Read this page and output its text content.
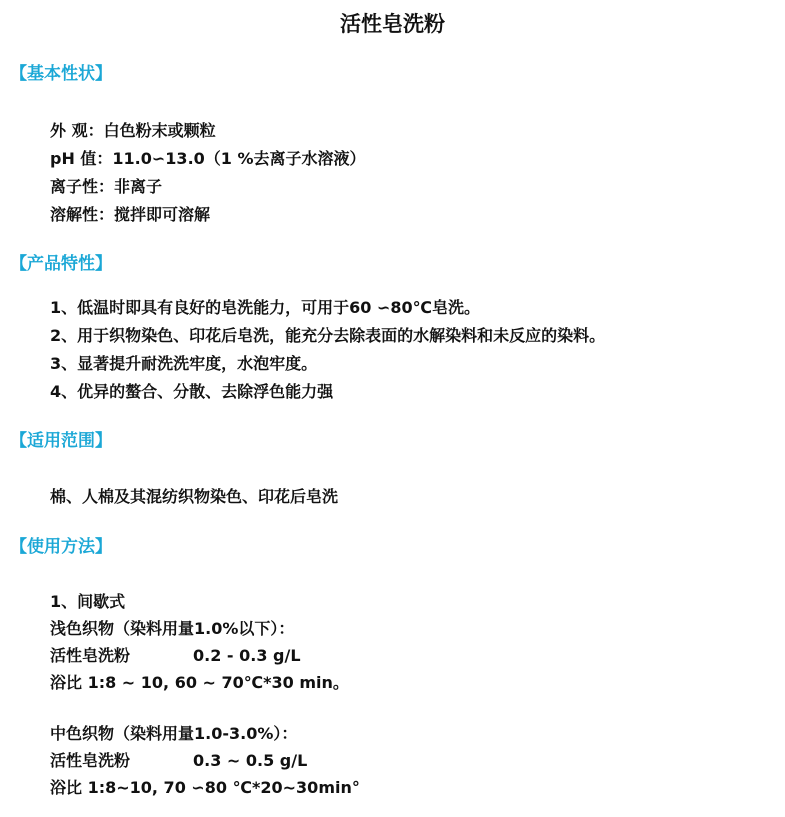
活性皂洗粉
【基本性状】
外 观：白色粉末或颗粒
pH 值：11.0∽13.0（1 %去离子水溶液）
离子性：非离子
溶解性：搅拌即可溶解
【产品特性】
1、低温时即具有良好的皂洗能力，可用于60 ∽80℃皂洗。
2、用于织物染色、印花后皂洗，能充分去除表面的水解染料和未反应的染料。
3、显著提升耐洗洗牢度，水泡牢度。
4、优异的螯合、分散、去除浮色能力强
【适用范围】
棉、人棉及其混纺织物染色、印花后皂洗
【使用方法】
1、间歇式
浅色织物（染料用量1.0%以下）：
活性皂洗粉	0.2 - 0.3 g/L
浴比 1:8 ~ 10, 60 ~ 70℃*30 min。
中色织物（染料用量1.0-3.0%）：
活性皂洗粉	0.3 ~ 0.5 g/L
浴比 1:8~10, 70 ∽80 ℃*20~30min°
